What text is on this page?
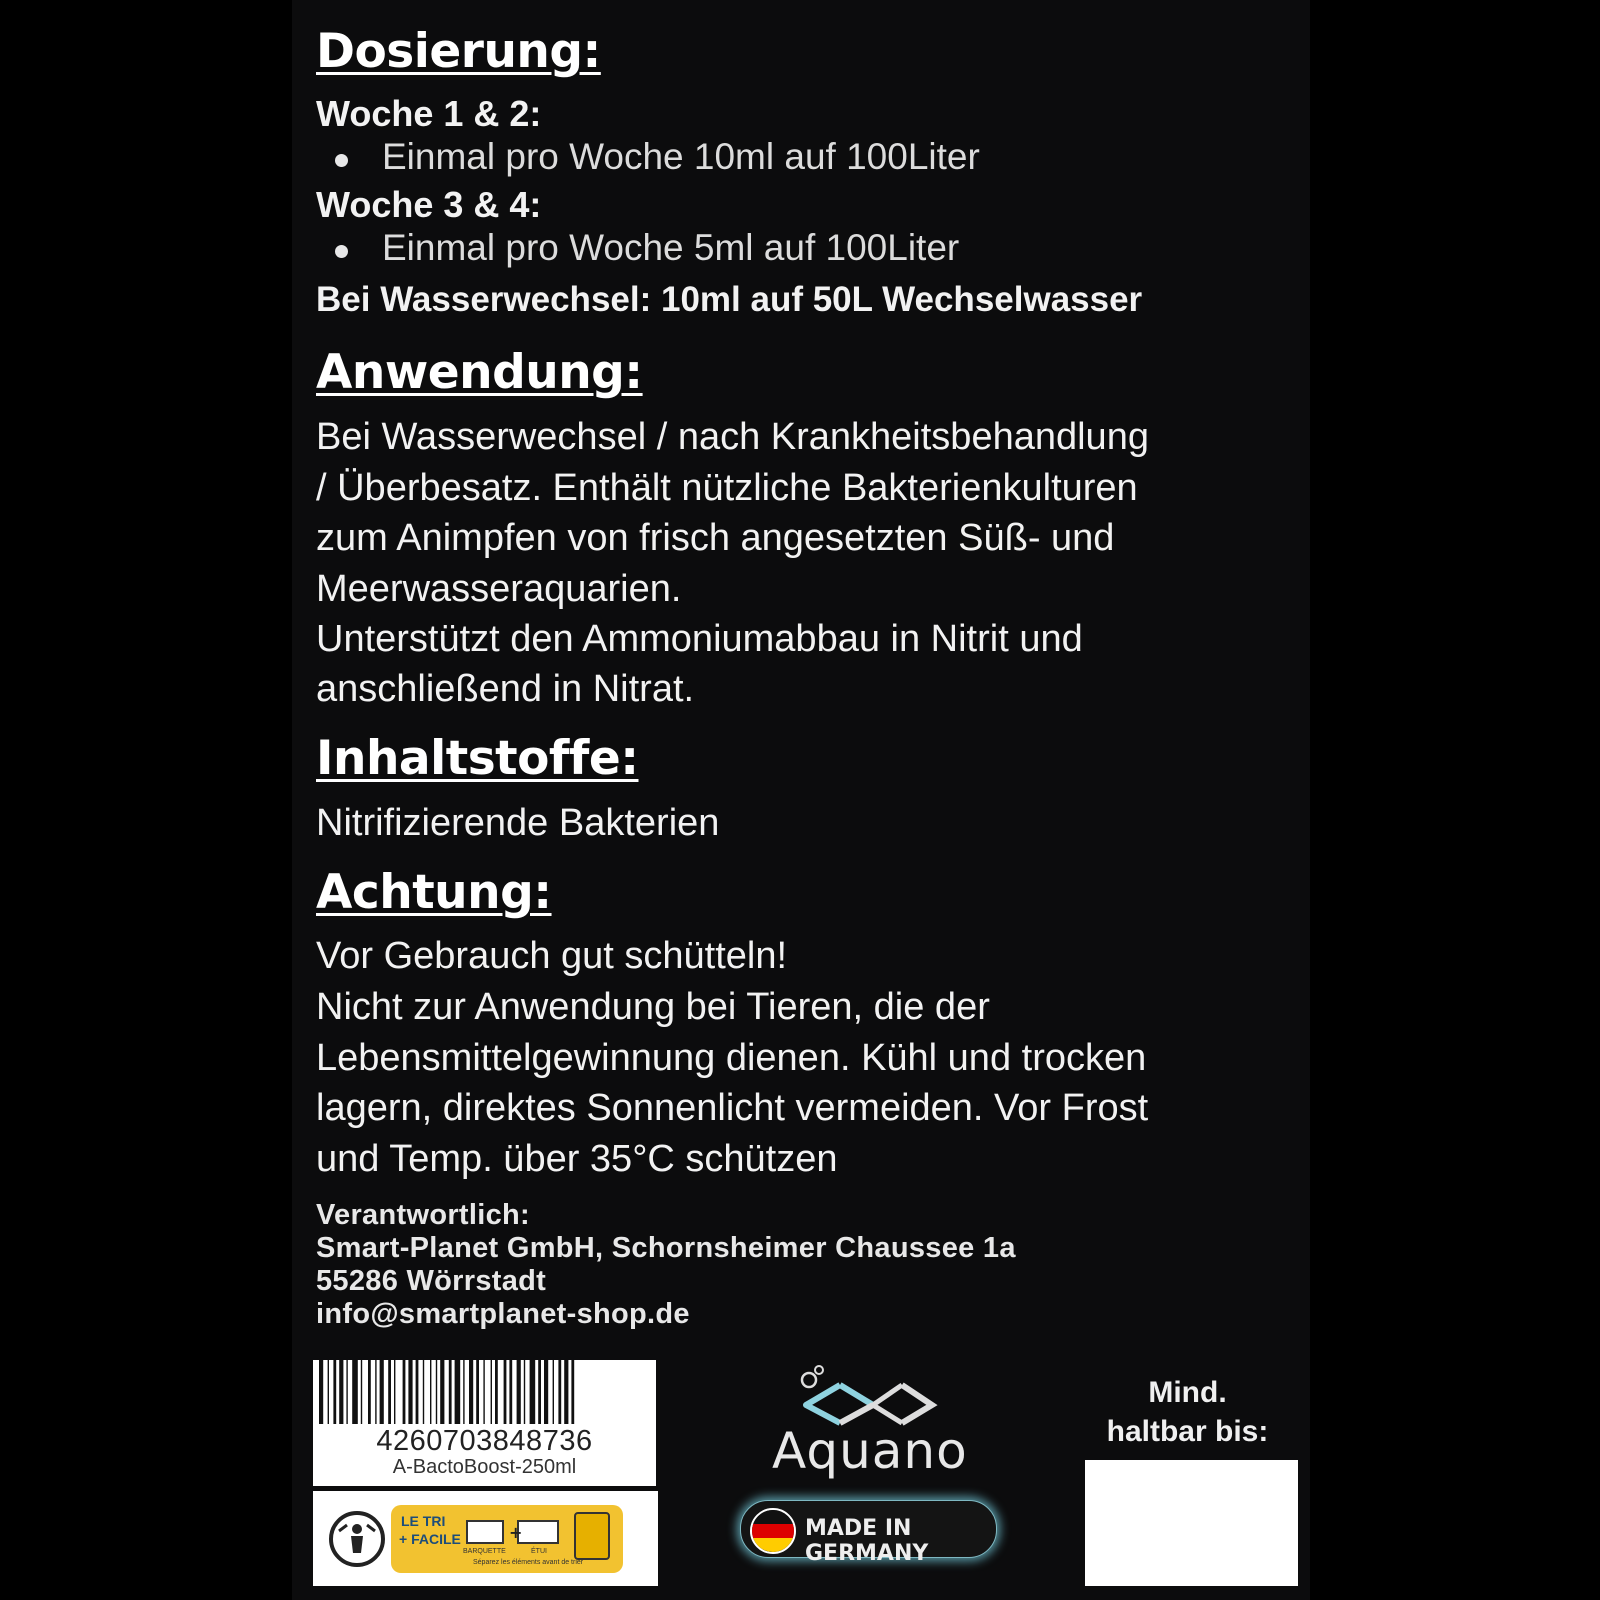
Dosierung:
Woche 1 & 2:
Einmal pro Woche 10ml auf 100Liter
Woche 3 & 4:
Einmal pro Woche 5ml auf 100Liter
Bei Wasserwechsel: 10ml auf 50L Wechselwasser
Anwendung:
Bei Wasserwechsel / nach Krankheitsbehandlung
/ Überbesatz. Enthält nützliche Bakterienkulturen
zum Animpfen von frisch angesetzten Süß- und
Meerwasseraquarien.
Unterstützt den Ammoniumabbau in Nitrit und
anschließend in Nitrat.
Inhaltstoffe:
Nitrifizierende Bakterien
Achtung:
Vor Gebrauch gut schütteln!
Nicht zur Anwendung bei Tieren, die der
Lebensmittelgewinnung dienen. Kühl und trocken
lagern, direktes Sonnenlicht vermeiden. Vor Frost
und Temp. über 35°C schützen
Verantwortlich:
Smart-Planet GmbH, Schornsheimer Chaussee 1a
55286 Wörrstadt
info@smartplanet-shop.de
4260703848736
A-BactoBoost-250ml
+
LE TRI
+ FACILE
BARQUETTE	ÉTUI
Séparez les éléments avant de trier
Aquano
MADE IN GERMANY
Mind.
haltbar bis:
